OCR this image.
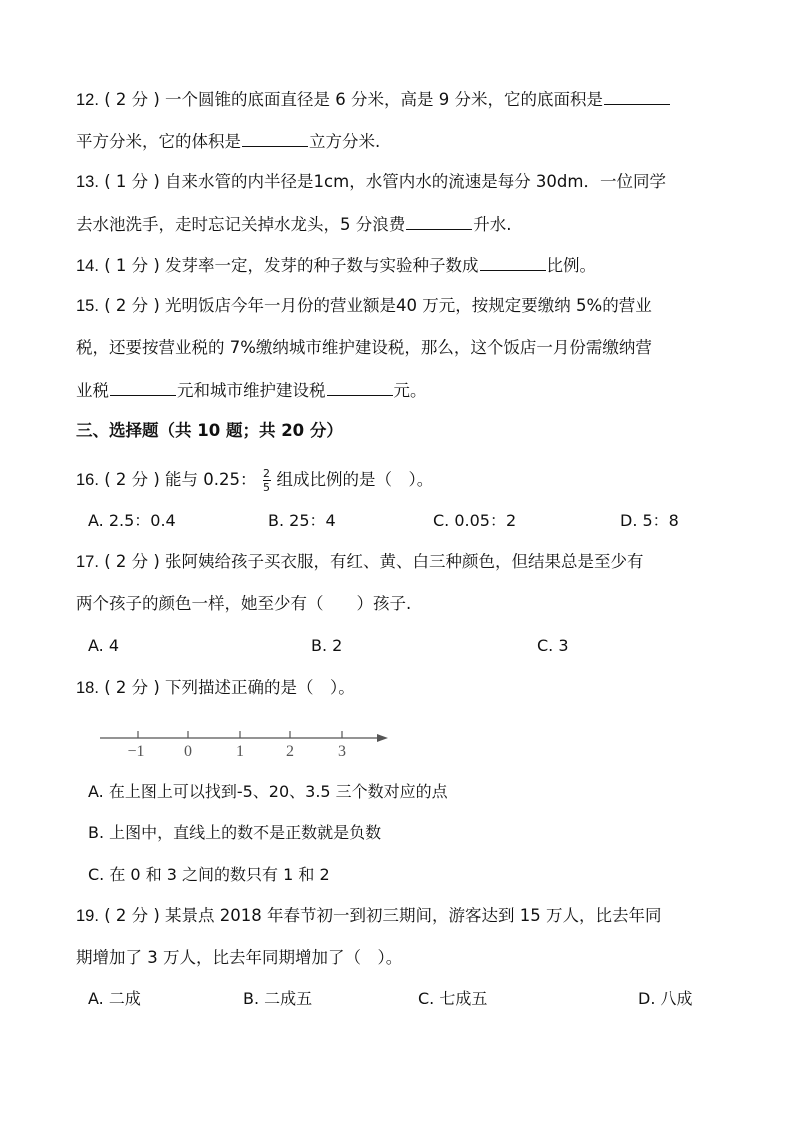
12. ( 2 分 ) 一个圆锥的底面直径是 6 分米，高是 9 分米，它的底面积是
平方分米，它的体积是	立方分米.
13. ( 1 分 ) 自来水管的内半径是1cm，水管内水的流速是每分 30dm．一位同学
去水池洗手，走时忘记关掉水龙头，5 分浪费	升水.
14. ( 1 分 ) 发芽率一定，发芽的种子数与实验种子数成	比例。
15. ( 2 分 ) 光明饭店今年一月份的营业额是40 万元，按规定要缴纳 5%的营业
税，还要按营业税的 7%缴纳城市维护建设税，那么，这个饭店一月份需缴纳营
业税	元和城市维护建设税	元。
三、选择题（共 10 题；共 20 分）
16. ( 2 分 ) 能与 0.25： $\frac{2}{5}$ 组成比例的是（　）。
A. 2.5：0.4	B. 25：4	C. 0.05：2	D. 5：8
17. ( 2 分 ) 张阿姨给孩子买衣服，有红、黄、白三种颜色，但结果总是至少有
两个孩子的颜色一样，她至少有（　　）孩子.
A. 4	B. 2	C. 3
18. ( 2 分 ) 下列描述正确的是（　）。
−1 0	1	2	3
A. 在上图上可以找到-5、20、3.5 三个数对应的点
B. 上图中，直线上的数不是正数就是负数
C. 在 0 和 3 之间的数只有 1 和 2
19. ( 2 分 ) 某景点 2018 年春节初一到初三期间，游客达到 15 万人，比去年同
期增加了 3 万人，比去年同期增加了（　）。
A. 二成	B. 二成五	C. 七成五	D. 八成
